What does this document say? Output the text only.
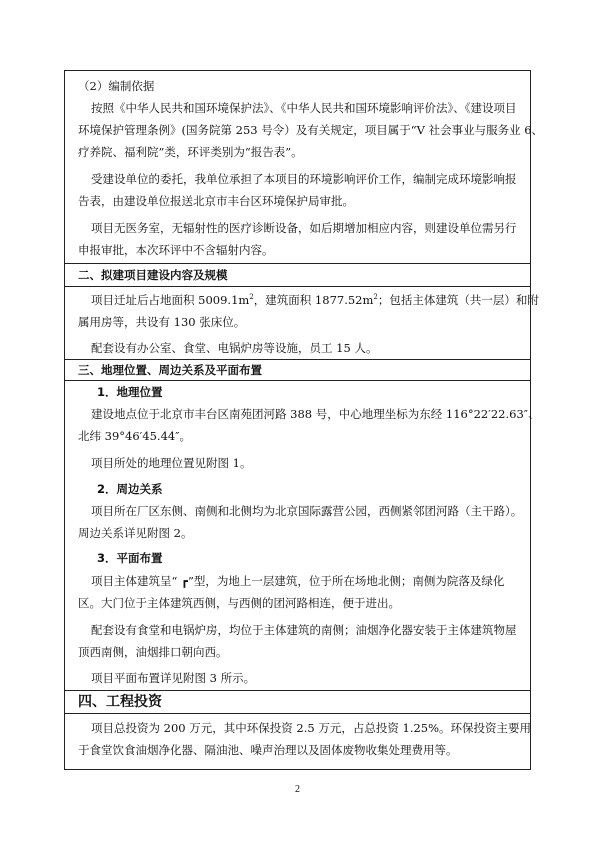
（2）编制依据
按照《中华人民共和国环境保护法》、《中华人民共和国环境影响评价法》、《建设项目
环境保护管理条例》(国务院第 253 号令）及有关规定，项目属于“V 社会事业与服务业 6、
疗养院、福利院”类，环评类别为“报告表”。
受建设单位的委托，我单位承担了本项目的环境影响评价工作，编制完成环境影响报
告表，由建设单位报送北京市丰台区环境保护局审批。
项目无医务室，无辐射性的医疗诊断设备，如后期增加相应内容，则建设单位需另行
申报审批，本次环评中不含辐射内容。
二、拟建项目建设内容及规模
项目迁址后占地面积 $5009.1m^2$，建筑面积 $1877.52m^2$；包括主体建筑（共一层）和附
属用房等，共设有 130 张床位。
配套设有办公室、食堂、电锅炉房等设施，员工 15 人。
三、地理位置、周边关系及平面布置
1．地理位置
建设地点位于北京市丰台区南苑团河路 388 号，中心地理坐标为东经 116°22′22.63″、
北纬 39°46′45.44″。
项目所处的地理位置见附图 1。
2．周边关系
项目所在厂区东侧、南侧和北侧均为北京国际露营公园，西侧紧邻团河路（主干路）。
周边关系详见附图 2。
3．平面布置
项目主体建筑呈“ ┏”型，为地上一层建筑，位于所在场地北侧；南侧为院落及绿化
区。大门位于主体建筑西侧，与西侧的团河路相连，便于进出。
配套设有食堂和电锅炉房，均位于主体建筑的南侧；油烟净化器安装于主体建筑物屋
顶西南侧，油烟排口朝向西。
项目平面布置详见附图 3 所示。
四、工程投资
项目总投资为 200 万元，其中环保投资 2.5 万元，占总投资 1.25%。环保投资主要用
于食堂饮食油烟净化器、隔油池、噪声治理以及固体废物收集处理费用等。
2
